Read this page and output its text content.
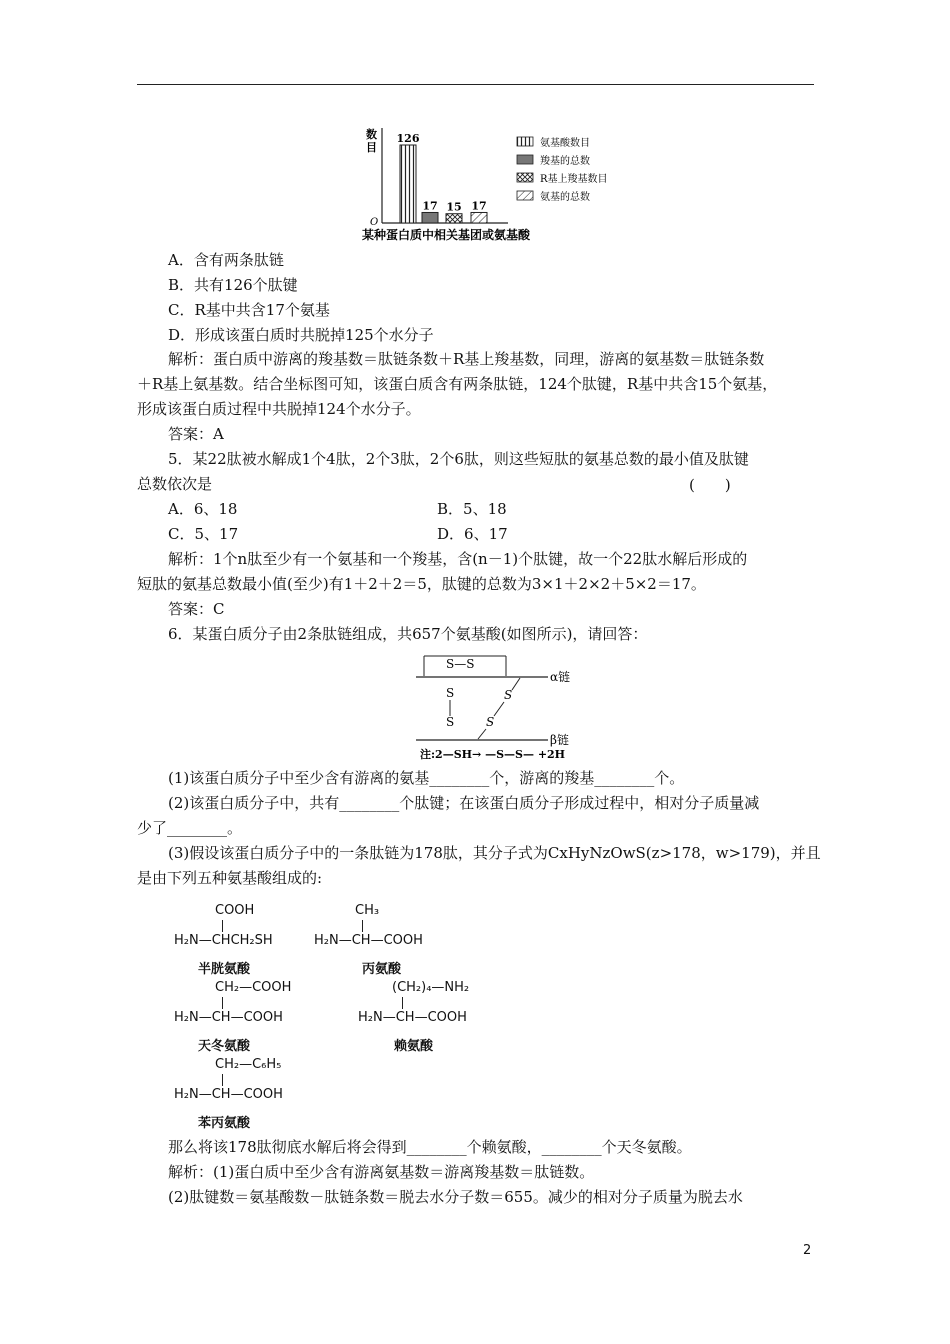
数
目
O
126
17 15 17
氨基酸数目
羧基的总数
R基上羧基数目
氨基的总数
某种蛋白质中相关基团或氨基酸
A．含有两条肽链
B．共有126个肽键
C．R基中共含17个氨基
D．形成该蛋白质时共脱掉125个水分子
解析：蛋白质中游离的羧基数＝肽链条数＋R基上羧基数，同理，游离的氨基数＝肽链条数
＋R基上氨基数。结合坐标图可知，该蛋白质含有两条肽链，124个肽键，R基中共含15个氨基，
形成该蛋白质过程中共脱掉124个水分子。
答案：A
5．某22肽被水解成1个4肽，2个3肽，2个6肽，则这些短肽的氨基总数的最小值及肽键
总数依次是	(　　)
A．6、18	B．5、18
C．5、17	D．6、17
解析：1个n肽至少有一个氨基和一个羧基，含(n－1)个肽键，故一个22肽水解后形成的
短肽的氨基总数最小值(至少)有1＋2＋2＝5，肽键的总数为3×1＋2×2＋5×2＝17。
答案：C
6．某蛋白质分子由2条肽链组成，共657个氨基酸(如图所示)，请回答：
S—S
α链
S
S
S
S
β链
注:2—SH→ —S—S— +2H
(1)该蛋白质分子中至少含有游离的氨基________个，游离的羧基________个。
(2)该蛋白质分子中，共有________个肽键；在该蛋白质分子形成过程中，相对分子质量减
少了________。
(3)假设该蛋白质分子中的一条肽链为178肽，其分子式为CxHyNzOwS(z>178，w>179)，并且
是由下列五种氨基酸组成的:
COOH
H₂N—CHCH₂SH
半胱氨酸
CH₃
H₂N—CH—COOH
丙氨酸
CH₂—COOH
H₂N—CH—COOH
天冬氨酸
(CH₂)₄—NH₂
H₂N—CH—COOH
赖氨酸
CH₂—C₆H₅
H₂N—CH—COOH
苯丙氨酸
那么将该178肽彻底水解后将会得到________个赖氨酸，________个天冬氨酸。
解析：(1)蛋白质中至少含有游离氨基数＝游离羧基数＝肽链数。
(2)肽键数＝氨基酸数－肽链条数＝脱去水分子数＝655。减少的相对分子质量为脱去水
2
